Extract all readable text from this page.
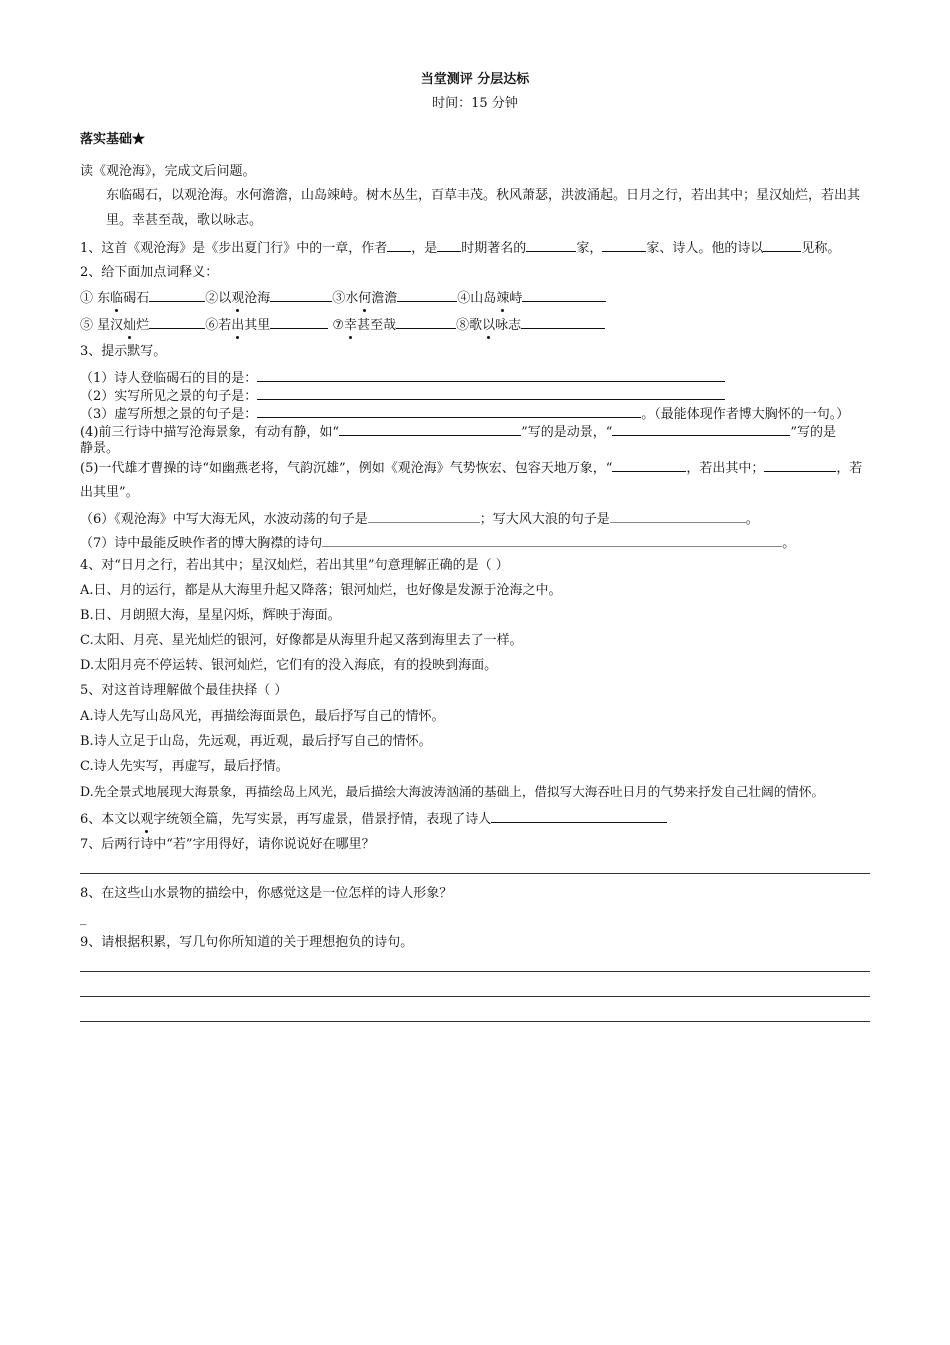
当堂测评 分层达标
时间：15 分钟
落实基础★
读《观沧海》，完成文后问题。
东临碣石，以观沧海。水何澹澹，山岛竦峙。树木丛生，百草丰茂。秋风萧瑟，洪波涌起。日月之行，若出其中；星汉灿烂，若出其里。幸甚至哉，歌以咏志。
1、这首《观沧海》是《步出夏门行》中的一章，作者 ，是 时期著名的	家，	家、诗人。他的诗以	见称。
2、给下面加点词释义：
① 东临碣石	②以观沧海	③水何澹澹	④山岛竦峙
⑤ 星汉灿烂	⑥若出其里	⑦幸甚至哉	⑧歌以咏志
3、提示默写。
（1）诗人登临碣石的目的是：
（2）实写所见之景的句子是：
（3）虚写所想之景的句子是：	。（最能体现作者博大胸怀的一句。）
(4)前三行诗中描写沧海景象，有动有静，如“	”写的是动景，“	”写的是
静景。
(5)一代雄才曹操的诗“如幽燕老将，气韵沉雄”，例如《观沧海》气势恢宏、包容天地万象，“	，若出其中；	，若
出其里”。
（6）《观沧海》中写大海无风，水波动荡的句子是	；写大风大浪的句子是	。
（7）诗中最能反映作者的博大胸襟的诗句	。
4、对“日月之行，若出其中；星汉灿烂，若出其里”句意理解正确的是（ ）
A.日、月的运行，都是从大海里升起又降落；银河灿烂，也好像是发源于沧海之中。
B.日、月朗照大海，星星闪烁，辉映于海面。
C.太阳、月亮、星光灿烂的银河，好像都是从海里升起又落到海里去了一样。
D.太阳月亮不停运转、银河灿烂，它们有的没入海底，有的投映到海面。
5、对这首诗理解做个最佳抉择（ ）
A.诗人先写山岛风光，再描绘海面景色，最后抒写自己的情怀。
B.诗人立足于山岛，先远观，再近观，最后抒写自己的情怀。
C.诗人先实写，再虚写，最后抒情。
D.先全景式地展现大海景象，再描绘岛上风光，最后描绘大海波涛汹涌的基础上，借拟写大海吞吐日月的气势来抒发自己壮阔的情怀。
6、本文以观字统领全篇，先写实景，再写虚景，借景抒情，表现了诗人
7、后两行诗中“若”字用得好，请你说说好在哪里？
8、在这些山水景物的描绘中，你感觉这是一位怎样的诗人形象？
_
9、请根据积累，写几句你所知道的关于理想抱负的诗句。
